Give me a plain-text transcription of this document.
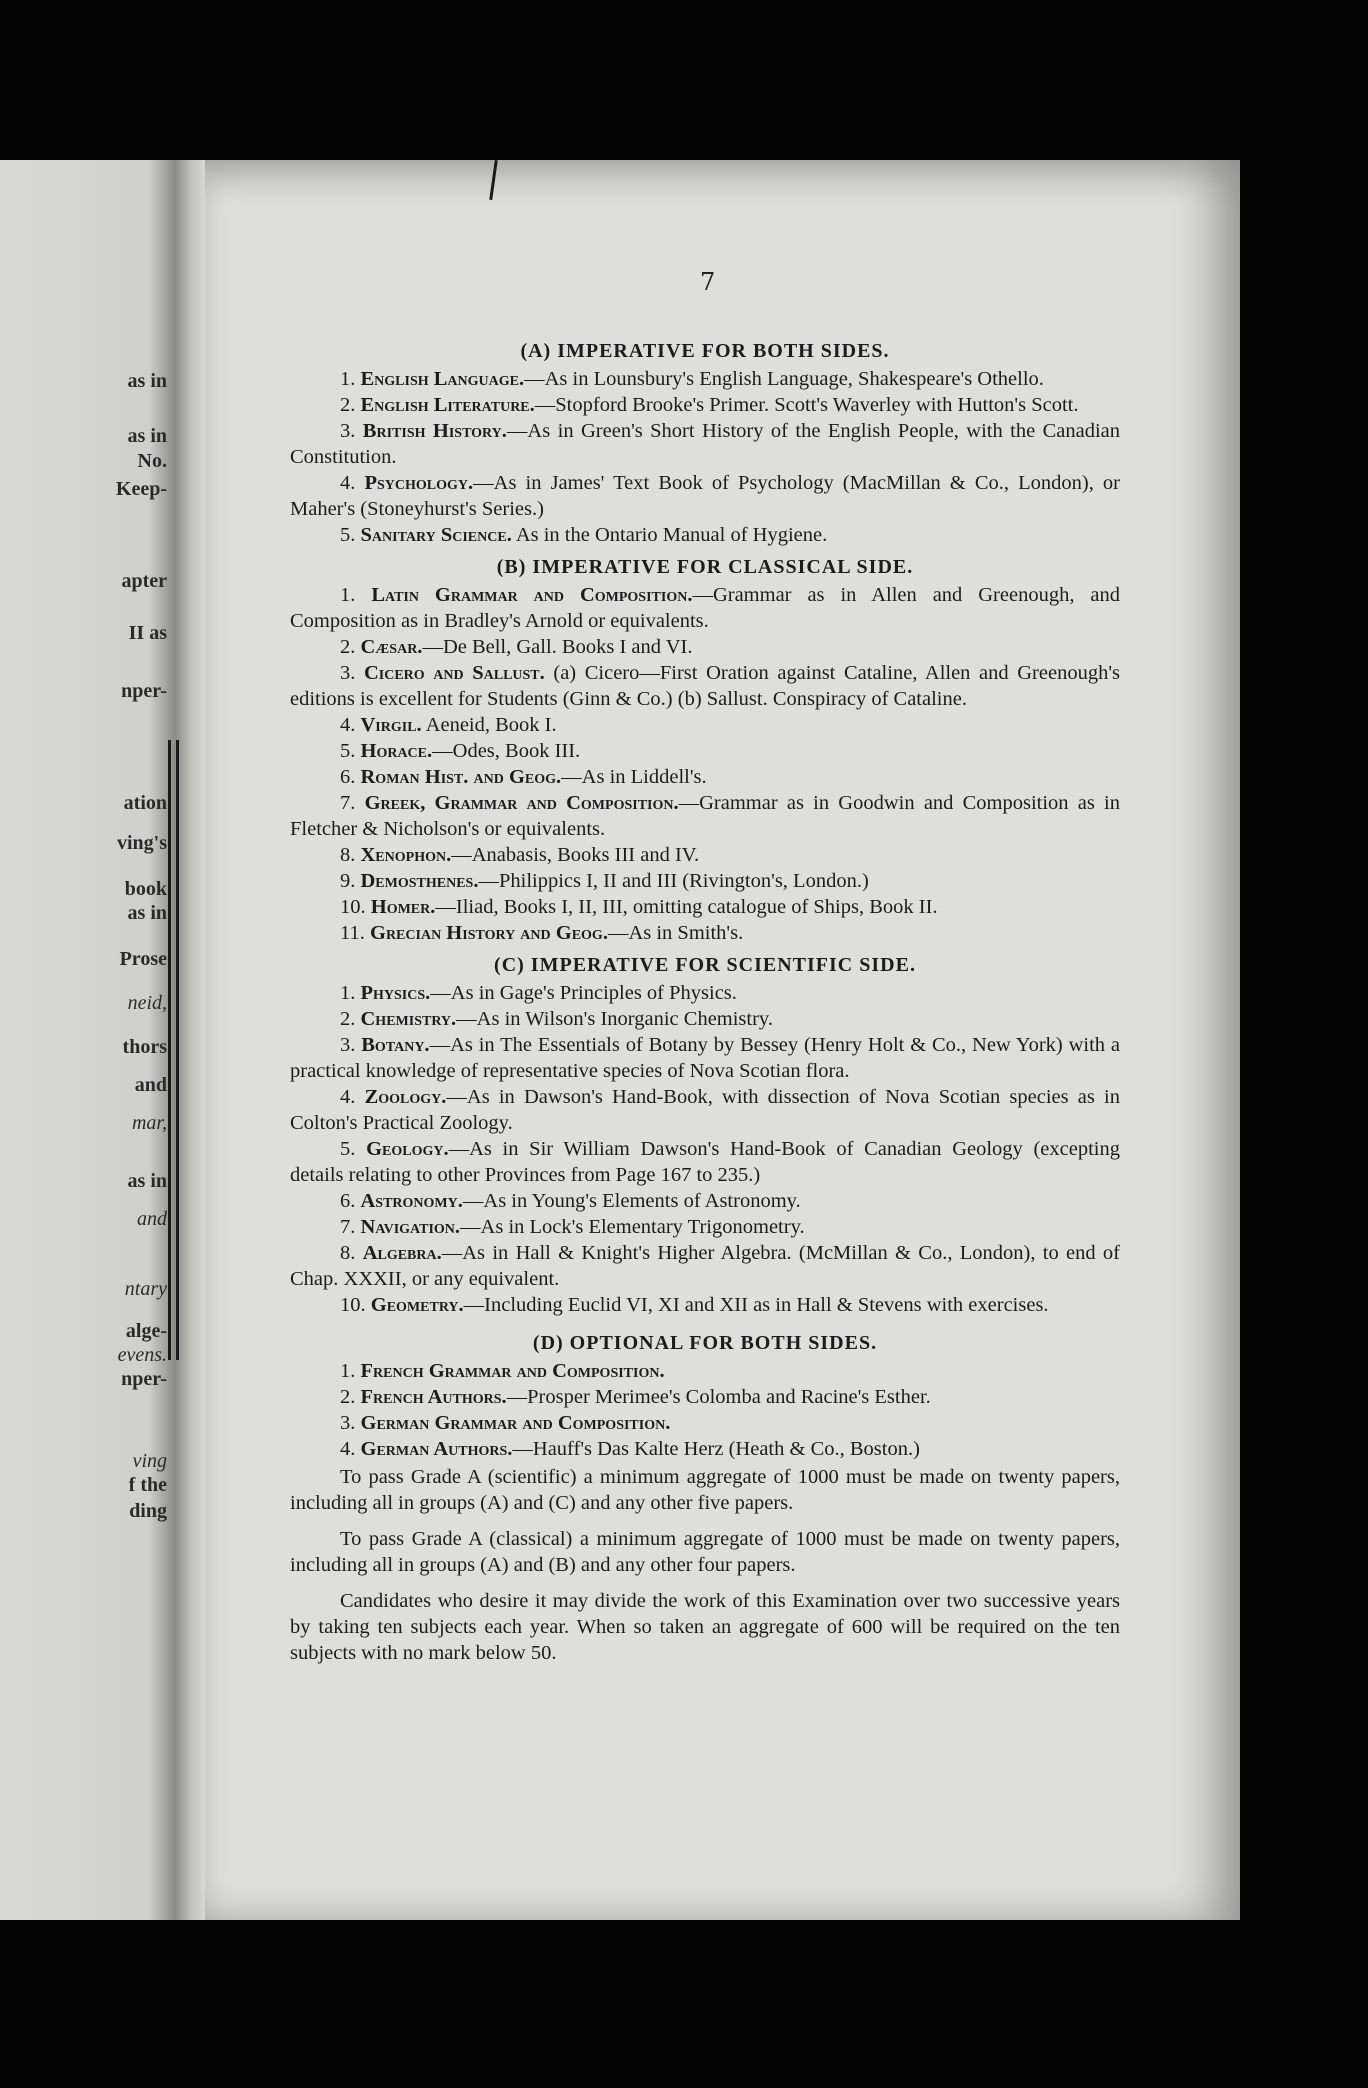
as in
as in
No.
Keep-
apter
II as
nper-
ation
ving's
book
as in
Prose
neid,
thors
and
mar,
as in
and
ntary
alge-
evens.
nper-
ving
f the
ding
7
(A) IMPERATIVE FOR BOTH SIDES.

1. English Language.—As in Lounsbury's English Language, Shakespeare's Othello.

2. English Literature.—Stopford Brooke's Primer. Scott's Waverley with Hutton's Scott.

3. British History.—As in Green's Short History of the English People, with the Canadian Constitution.

4. Psychology.—As in James' Text Book of Psychology (MacMillan & Co., London), or Maher's (Stoneyhurst's Series.)

5. Sanitary Science. As in the Ontario Manual of Hygiene.

(B) IMPERATIVE FOR CLASSICAL SIDE.

1. Latin Grammar and Composition.—Grammar as in Allen and Greenough, and Composition as in Bradley's Arnold or equivalents.

2. Cæsar.—De Bell, Gall. Books I and VI.

3. Cicero and Sallust. (a) Cicero—First Oration against Cataline, Allen and Greenough's editions is excellent for Students (Ginn & Co.) (b) Sallust. Conspiracy of Cataline.

4. Virgil. Aeneid, Book I.

5. Horace.—Odes, Book III.

6. Roman Hist. and Geog.—As in Liddell's.

7. Greek, Grammar and Composition.—Grammar as in Goodwin and Composition as in Fletcher & Nicholson's or equivalents.

8. Xenophon.—Anabasis, Books III and IV.

9. Demosthenes.—Philippics I, II and III (Rivington's, London.)

10. Homer.—Iliad, Books I, II, III, omitting catalogue of Ships, Book II.

11. Grecian History and Geog.—As in Smith's.

(C) IMPERATIVE FOR SCIENTIFIC SIDE.

1. Physics.—As in Gage's Principles of Physics.

2. Chemistry.—As in Wilson's Inorganic Chemistry.

3. Botany.—As in The Essentials of Botany by Bessey (Henry Holt & Co., New York) with a practical knowledge of representative species of Nova Scotian flora.

4. Zoology.—As in Dawson's Hand-Book, with dissection of Nova Scotian species as in Colton's Practical Zoology.

5. Geology.—As in Sir William Dawson's Hand-Book of Canadian Geology (excepting details relating to other Provinces from Page 167 to 235.)

6. Astronomy.—As in Young's Elements of Astronomy.

7. Navigation.—As in Lock's Elementary Trigonometry.

8. Algebra.—As in Hall & Knight's Higher Algebra. (McMillan & Co., London), to end of Chap. XXXII, or any equivalent.

10. Geometry.—Including Euclid VI, XI and XII as in Hall & Stevens with exercises.

(D) OPTIONAL FOR BOTH SIDES.

1. French Grammar and Composition.

2. French Authors.—Prosper Merimee's Colomba and Racine's Esther.

3. German Grammar and Composition.

4. German Authors.—Hauff's Das Kalte Herz (Heath & Co., Boston.)

To pass Grade A (scientific) a minimum aggregate of 1000 must be made on twenty papers, including all in groups (A) and (C) and any other five papers.

To pass Grade A (classical) a minimum aggregate of 1000 must be made on twenty papers, including all in groups (A) and (B) and any other four papers.

Candidates who desire it may divide the work of this Examination over two successive years by taking ten subjects each year. When so taken an aggregate of 600 will be required on the ten subjects with no mark below 50.
